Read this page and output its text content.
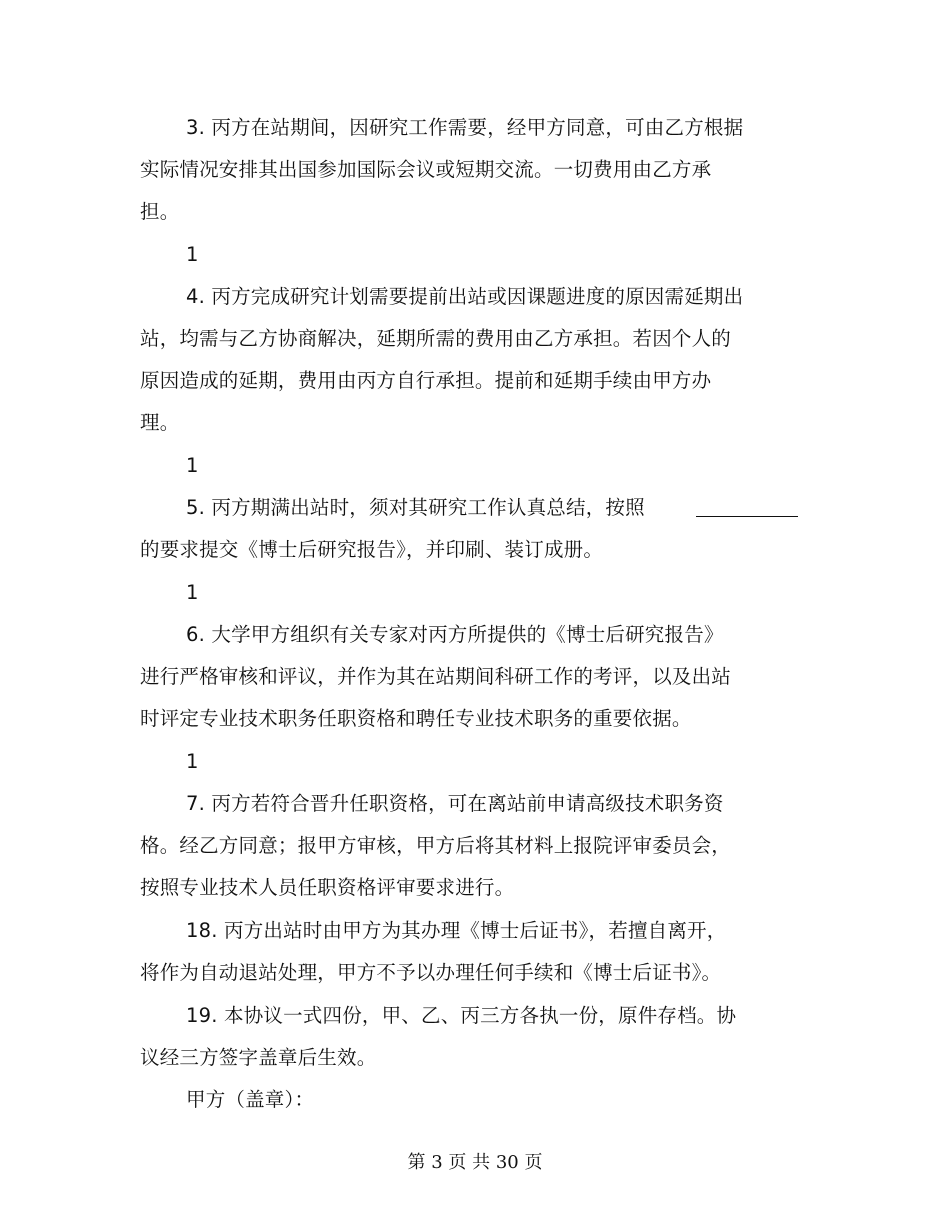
3. 丙方在站期间，因研究工作需要，经甲方同意，可由乙方根据
实际情况安排其出国参加国际会议或短期交流。一切费用由乙方承
担。
1
4. 丙方完成研究计划需要提前出站或因课题进度的原因需延期出
站，均需与乙方协商解决，延期所需的费用由乙方承担。若因个人的
原因造成的延期，费用由丙方自行承担。提前和延期手续由甲方办
理。
1
5. 丙方期满出站时，须对其研究工作认真总结，按照
的要求提交《博士后研究报告》，并印刷、装订成册。
1
6. 大学甲方组织有关专家对丙方所提供的《博士后研究报告》
进行严格审核和评议，并作为其在站期间科研工作的考评，以及出站
时评定专业技术职务任职资格和聘任专业技术职务的重要依据。
1
7. 丙方若符合晋升任职资格，可在离站前申请高级技术职务资
格。经乙方同意；报甲方审核，甲方后将其材料上报院评审委员会，
按照专业技术人员任职资格评审要求进行。
18. 丙方出站时由甲方为其办理《博士后证书》，若擅自离开，
将作为自动退站处理，甲方不予以办理任何手续和《博士后证书》。
19. 本协议一式四份，甲、乙、丙三方各执一份，原件存档。协
议经三方签字盖章后生效。
甲方（盖章）：
第 3 页 共 30 页
